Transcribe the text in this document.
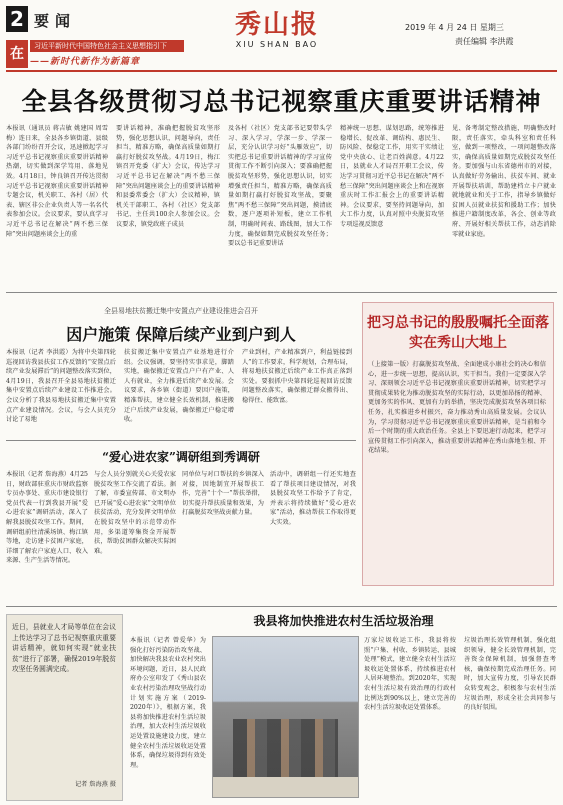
2 要闻
在	习近平新时代中国特色社会主义思想指引下
——新时代新作为新篇章
秀山报
XIU SHAN BAO
2019 年 4 月 24 日 星期三
责任编辑 李洪霞
全县各级贯彻习总书记视察重庆重要讲话精神
本报讯（通讯员 蒋吉敏 姚建国 周雪梅）连日来，全县各乡镇街道、县级各部门纷纷召开会议，迅速掀起学习习近平总书记视察重庆重要讲话精神热潮，切实做到深学笃用、落地见效。4月18日，钟良镇召开传达贯彻习近平总书记视察重庆重要讲话精神专题会议，机关职工、各村（居）代表、辖区非公企业负责人等一名名代表参加会议。会议要求，要认真学习习近平总书记在解决“两不愁三保障”突出问题座谈会上的重
要讲话精神，准确把握脱贫攻坚形势，强化思想认识，问题导向，责任担当，精准方略，确保高质量如期打赢打好脱贫攻坚战。4月19日，梅江镇召开党委（扩大）会议，传达学习习近平总书记在解决“两不愁三保障”突出问题座谈会上的重要讲话精神和县委常委会（扩大）会议精神，镇机关干部职工、各村（社区）党支部书记、主任共100余人参加会议。会议要求，镇党政班子成员
及各村（社区）党支部书记要带头学习、深入学习，学深一步、学深一层，充分认识学习好“头雁效应”，切实把总书记重要讲话精神的学习宣传贯彻工作不断引向深入；要准确把握脱贫攻坚形势，强化思想认识，切实增强责任担当，精准方略，确保高质量如期打赢打好脱贫攻坚战，要聚焦“两不愁三保障”突出问题，摸清底数，逐户逐项补短板，建立工作机制，明确时间表、路线图，加大工作力度，确保如期完成脱贫攻坚任务；要以总书记重要讲话
精神统一思想、谋划思路，统筹推进稳增长、促改革、调结构、惠民生、防风险、保稳定工作，用实干实绩让党中央放心、让老百姓满意。4月22日，县就业人才局召开职工会议，传达学习贯彻习近平总书记在解决“两不愁三保障”突出问题座谈会上和在视察重庆时工作汇报会上的重要讲话精神。会议要求，要坚持问题导向，加大工作力度，认真对照中央脱贫攻坚专项巡视反馈意
见、备考制定整改措施，明确整改时限，责任落实，牵头科室和责任科室，做到一项整改，一项问题整改落实，确保高质量如期完成脱贫攻坚任务。要加强与山东省德州市的对接，认真做好劳务输出、扶贫车间、就业开展帮扶培训，帮助建档立卡户就业就地就业和关于工作，指导乡镇做好贫困人员就业扶贫和援助工作；加快推进户籍制度改革，各会、创业等政府、开展好相关帮扶工作，动态消除零就业家庭。
全县易地扶贫搬迁集中安置点产业建设推进会召开
因户施策 保障后续产业到户到人
本报讯（记者 李洪霞）为将中央第四轮巡视回访我县扶贫工作反馈的“安置点后续产业发展滞后”的问题整改落实到位，4月19日，我县召开全县易地扶贫搬迁集中安置点后续产业建设工作推进会。会议分析了我县易地扶贫搬迁集中安置点产业建设情况。会议，与会人员充分讨论了易地
扶贫搬迁集中安置点产业基地进行介绍。会议强调，要坚持实事求是，脚踏实地，确保搬迁安置点户户有产业、人人有就业，全力推进后续产业发展。会议要求，各乡镇（街道）要因户施策，精准帮扶，建立健全长效机制，推进搬迁户后续产业发展，确保搬迁户稳定增收。
产业到村，产业精准到户，利益链接到人”的工作要求，科学规划，合理布局，将易地扶贫搬迁后续产业工作真正落到实处。要狠抓中央第四轮巡视回访反馈问题整改落实，确保搬迁群众搬得出、稳得住、能致富。
“爱心进农家”调研组到秀调研
本报讯（记者 詹海燕）4月25日，财政部驻重庆市财政监察专员办事处、重庆市建设银行党员代表一行到我县开展“爱心进农家”调研活动，深入了解我县脱贫攻坚工作。期间，调研组前往清溪场镇、梅江镇等地，走访建卡贫困户家庭，详细了解农户家庭人口、收入来源、生产生活等情况。
与会人员分别就关心关爱农家脱贫攻坚工作交流了看法。据了解，市委宣传部、市文明办已开展“爱心进农家”文明单位扶贫活动，充分发挥文明单位在脱贫攻坚中的示范带动作用，多渠道筹集资金开展帮扶，帮助贫困群众解决实际困难。
同单位与对口帮扶的乡镇深入对接，因地制宜开展帮扶工作，完善“十个一”帮扶举措，切实提升帮扶质量和效果，为打赢脱贫攻坚战贡献力量。
活动中，调研组一行还实地查看了帮扶项目建设情况，对我县脱贫攻坚工作给予了肯定，并表示将持续做好“爱心进农家”活动，推动帮扶工作取得更大实效。
把习总书记的殷殷嘱托全面落实在秀山大地上
（上接第一版）打赢脱贫攻坚战、全面建成小康社会的决心和信心，进一步统一思想，提高认识，实干担当。我们一定要深入学习、深刻领会习近平总书记视察重庆重要讲话精神，切实把学习贯彻成果转化为推动脱贫攻坚的实际行动，以更加昂扬的精神、更加务实的作风、更加有力的举措，坚决完成脱贫攻坚各项目标任务，扎实推进乡村振兴，奋力推动秀山高质量发展。会议认为，学习贯彻习近平总书记视察重庆重要讲话精神，是当前和今后一个时期的重大政治任务。全县上下要迅速行动起来，把学习宣传贯彻工作引向深入，推动重要讲话精神在秀山落地生根、开花结果。
近日，县就业人才局等单位在会议上传达学习了总书记视察重庆重要讲话精神，就如何实现“就业扶贫”进行了部署，确保2019年脱贫攻坚任务圆满完成。
记者 詹海燕 摄
我县将加快推进农村生活垃圾治理
本报讯（记者 曾爱华）为强化打好污染防治攻坚战、加快解决我县农业农村突出环境问题，近日，县人民政府办公室印发了《秀山县农业农村污染治理攻坚战行动计划实施方案（2019-2020年）》，根据方案，我县将加快推进农村生活垃圾治理，加大农村生活垃圾收运处置设施建设力度，建立健全农村生活垃圾收运处置体系，确保垃圾得到有效处理。
万家垃圾收运工作，我县将按照“户集、村收、乡镇转运、县城处理”模式，建立健全农村生活垃圾收运处置体系，持续推进农村人居环境整治。到2020年，实现农村生活垃圾有效治理的行政村比例达到90%以上，建立完善的农村生活垃圾收运处置体系。
垃圾治理长效管理机制，强化组织领导，健全长效管理机制，完善资金保障机制，加强督查考核，确保按期完成治理任务。同时，加大宣传力度，引导农民群众转变观念，积极参与农村生活垃圾治理，形成全社会共同参与的良好氛围。
